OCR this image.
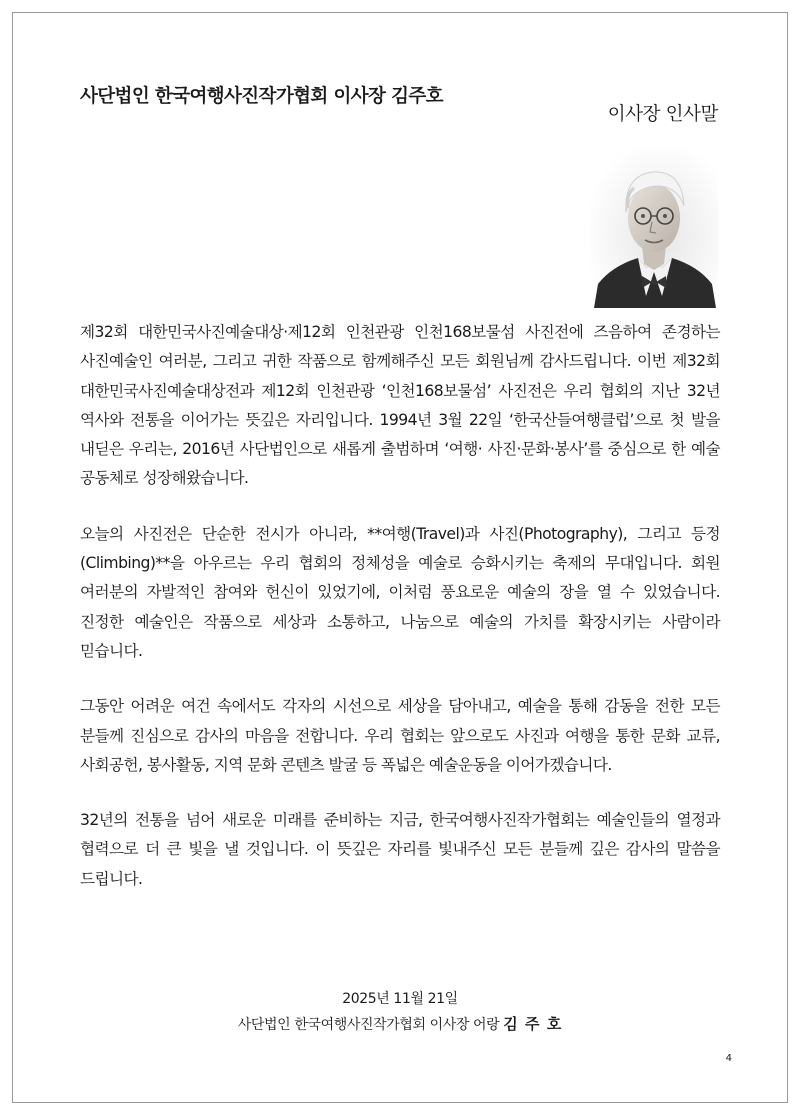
사단법인 한국여행사진작가협회 이사장 김주호
이사장 인사말

제32회 대한민국사진예술대상·제12회 인천관광 인천168보물섬 사진전에 즈음하여 존경하는 사진예술인 여러분, 그리고 귀한 작품으로 함께해주신 모든 회원님께 감사드립니다. 이번 제32회 대한민국사진예술대상전과 제12회 인천관광 ‘인천168보물섬’ 사진전은 우리 협회의 지난 32년 역사와 전통을 이어가는 뜻깊은 자리입니다. 1994년 3월 22일 ‘한국산들여행클럽’으로 첫 발을 내딛은 우리는, 2016년 사단법인으로 새롭게 출범하며 ‘여행· 사진·문화·봉사’를 중심으로 한 예술 공동체로 성장해왔습니다.

오늘의 사진전은 단순한 전시가 아니라, **여행(Travel)과 사진(Photography), 그리고 등정(Climbing)**을 아우르는 우리 협회의 정체성을 예술로 승화시키는 축제의 무대입니다. 회원 여러분의 자발적인 참여와 헌신이 있었기에, 이처럼 풍요로운 예술의 장을 열 수 있었습니다. 진정한 예술인은 작품으로 세상과 소통하고, 나눔으로 예술의 가치를 확장시키는 사람이라 믿습니다.

그동안 어려운 여건 속에서도 각자의 시선으로 세상을 담아내고, 예술을 통해 감동을 전한 모든 분들께 진심으로 감사의 마음을 전합니다. 우리 협회는 앞으로도 사진과 여행을 통한 문화 교류, 사회공헌, 봉사활동, 지역 문화 콘텐츠 발굴 등 폭넓은 예술운동을 이어가겠습니다.

32년의 전통을 넘어 새로운 미래를 준비하는 지금, 한국여행사진작가협회는 예술인들의 열정과 협력으로 더 큰 빛을 낼 것입니다. 이 뜻깊은 자리를 빛내주신 모든 분들께 깊은 감사의 말씀을 드립니다.

2025년 11월 21일
사단법인 한국여행사진작가협회 이사장 어랑 김 주 호
4
